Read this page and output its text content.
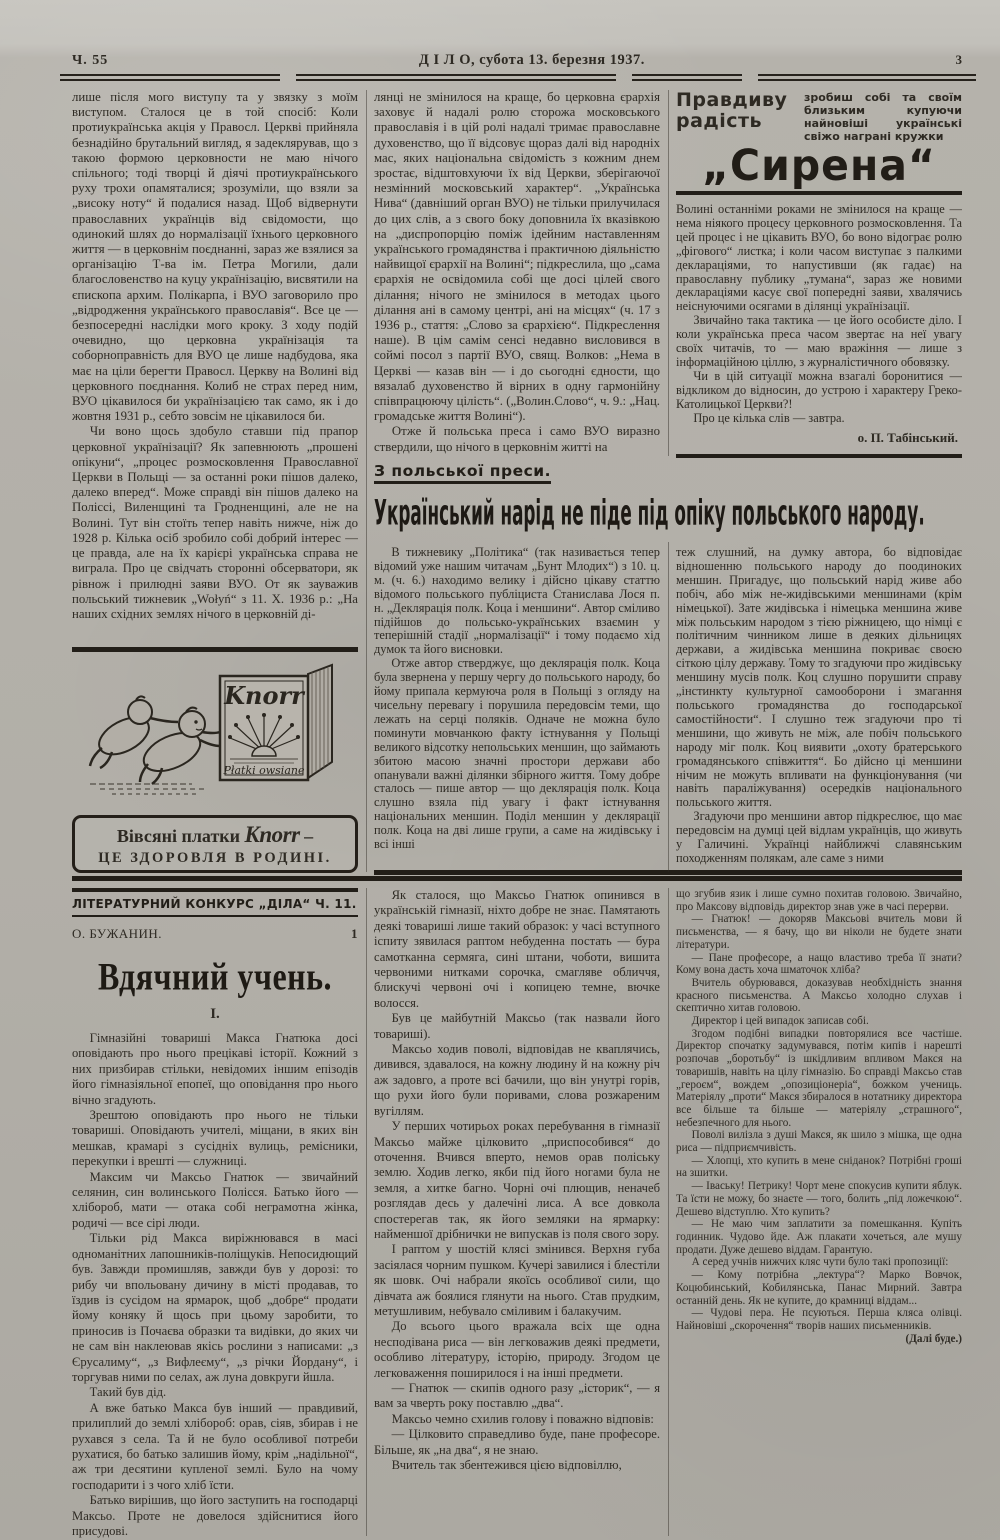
Ч. 55	Д І Л О, субота 13. березня 1937.	3

лише після мого виступу та у звязку з моїм виступом. Сталося це в той спосіб: Коли протиукраїнська акція у Правосл. Церкві прийняла безнадійно брутальний вигляд, я задеклярував, що з такою формою церковности не маю нічого спільного; тоді творці й діячі протиукраїнського руху трохи опамяталися; зрозуміли, що взяли за „високу ноту“ й подалися назад. Щоб відвернути православних українців від свідомости, що одинокий шлях до нормалізації їхнього церковного життя — в церковнім поєднанні, зараз же взялися за організацію Т-ва ім. Петра Могили, дали благословенство на куцу українізацію, висвятили на єпископа архим. Полікарпа, і ВУО заговорило про „відродження українського православія“. Все це — безпосередні наслідки мого кроку. З ходу подій очевидно, що церковна українізація та соборноправність для ВУО це лише надбудова, яка має на ціли берегти Правосл. Церкву на Волині від церковного поєднання. Колиб не страх перед ним, ВУО цікавилося би українізацією так само, як і до жовтня 1931 р., себто зовсім не цікавилося би.

Чи воно щось здобуло ставши під прапор церковної українізації? Як запевнюють „прошені опікуни“, „процес розмосковлення Православної Церкви в Польщі — за останні роки пішов далеко, далеко вперед“. Може справді він пішов далеко на Поліссі, Виленщині та Гродненщині, але не на Волині. Тут він стоїть тепер навіть нижче, ніж до 1928 р. Кілька осіб зробило собі добрий інтерес — це правда, але на їх карієрі українська справа не виграла. Про це свідчать сторонні обсерватори, як рівнож і прилюдні заяви ВУО. От як зауважив польський тижневик „Wołyń“ з 11. X. 1936 р.: „На наших східних землях нічого в церковній ді-

Knorr
Płatki owsiane
Вівсяні платки Knorr –
ЦЕ ЗДОРОВЛЯ В РОДИНІ.

лянці не змінилося на краще, бо церковна єрархія заховує й надалі ролю сторожа московського православія і в цій ролі надалі тримає православне духовенство, що її відсовує щораз далі від народніх мас, яких національна свідомість з кожним днем зростає, відштовхуючи їх від Церкви, зберігаючої незмінний московський характер“. „Українська Нива“ (давніший орган ВУО) не тільки прилучилася до цих слів, а з свого боку доповнила їх вказівкою на „диспропорцію поміж ідейним наставленням українського громадянства і практичною діяльністю найвищої єрархії на Волині“; підкреслила, що „сама єрархія не освідомила собі ще досі цілей свого ділання; нічого не змінилося в методах цього ділання ані в самому центрі, ані на місцях“ (ч. 17 з 1936 р., стаття: „Слово за єрархією“. Підкреслення наше). В цім самім сенсі недавно висловився в соймі посол з партії ВУО, свящ. Волков: „Нема в Церкві — казав він — і до сьогодні єдности, що вязалаб духовенство й вірних в одну гармонійну співпрацюючу цілість“. („Волин.Слово“, ч. 9.: „Нац. громадське життя Волині“).

Отже й польська преса і само ВУО виразно ствердили, що нічого в церковнім житті на

Правдиву радість
зробиш собі та своїм близьким купуючи найновіші українські свіжо награні кружки
„Сирена“

Волині останніми роками не змінилося на краще — нема ніякого процесу церковного розмосковлення. Та цей процес і не цікавить ВУО, бо воно відограє ролю „фігового“ листка; і коли часом виступає з палкими деклараціями, то напустивши (як гадає) на православну публику „тумана“, зараз же новими деклараціями касує свої попередні заяви, хвалячись неіснуючими осягами в ділянці українізації.

Звичайно така тактика — це його особисте діло. І коли українська преса часом звертає на неї увагу своїх читачів, то — маю вражіння — лише з інформаційною ціллю, з журналістичного обовязку.

Чи в цій ситуації можна взагалі боронитися — відкликом до відносин, до устрою і характеру Греко-Католицької Церкви?!

Про це кілька слів — завтра.

о. П. Табінський.

З польської преси.
Український нарід не піде під опіку польського народу.

В тижневику „Політика“ (так називається тепер відомий уже нашим читачам „Бунт Млодих“) з 10. ц. м. (ч. 6.) находимо велику і дійсно цікаву статтю відомого польського публіциста Станислава Лося п. н. „Деклярація полк. Коца і меншини“. Автор сміливо підійшов до польсько-українських взаємин у теперішній стадії „нормалізації“ і тому подаємо хід думок та його висновки.

Отже автор стверджує, що деклярація полк. Коца була звернена у першу чергу до польського народу, бо йому припала кермуюча роля в Польщі з огляду на чисельну перевагу і порушила передовсім теми, що лежать на серці поляків. Одначе не можна було поминути мовчанкою факту істнування у Польщі великого відсотку непольських меншин, що займають збитою масою значні простори держави або опанували важні ділянки збірного життя. Тому добре сталось — пише автор — що деклярація полк. Коца слушно взяла під увагу і факт істнування національних меншин. Поділ меншин у деклярації полк. Коца на дві лише групи, а саме на жидівську і всі інші

теж слушний, на думку автора, бо відповідає відношенню польського народу до поодиноких меншин. Пригадує, що польський нарід живе або побіч, або між не-жидівськими меншинами (крім німецької). Зате жидівська і німецька меншина живе між польським народом з тією ріжницею, що німці є політичним чинником лише в деяких дільницях держави, а жидівська меншина покриває своєю сіткою цілу державу. Тому то згадуючи про жидівську меншину мусів полк. Коц слушно порушити справу „інстинкту культурної самооборони і змагання польського громадянства до господарської самостійности“. І слушно теж згадуючи про ті меншини, що живуть не між, але побіч польського народу міг полк. Коц виявити „охоту братерського громадянського співжиття“. Бо дійсно ці меншини нічим не можуть впливати на функціонування (чи навіть параліжування) осередків національного польського життя.

Згадуючи про меншини автор підкреслює, що має передовсім на думці цей відлам українців, що живуть у Галичині. Українці найближчі славянським походженням полякам, але саме з ними

ЛІТЕРАТУРНИЙ КОНКУРС „ДІЛА“ Ч. 11.
О. БУЖАНИН.	1
Вдячний учень.
І.

Гімназійні товариші Макса Гнатюка досі оповідають про нього прецікаві історії. Кожний з них призбирав стільки, невідомих іншим епізодів його гімназіяльної епопеї, що оповідання про нього вічно згадують.

Зрештою оповідають про нього не тільки товариші. Оповідають учителі, міщани, в яких він мешкав, крамарі з сусідніх вулиць, ремісники, перекупки і врешті — служниці.

Максим чи Максьо Гнатюк — звичайний селянин, син волинського Полісся. Батько його — хлібороб, мати — отака собі неграмотна жінка, родичі — все сірі люди.

Тільки рід Макса виріжнювався в масі одноманітних лапошників-поліщуків. Непосидющий був. Завжди промишляв, завжди був у дорозі: то рибу чи впольовану дичину в місті продавав, то їздив із сусідом на ярмарок, щоб „добре“ продати йому коняку й щось при цьому заробити, то приносив із Почаєва образки та видівки, до яких чи не сам він наклеював якісь рослини з написами: „з Єрусалиму“, „з Вифлеєму“, „з річки Йордану“, і торгував ними по селах, аж луна довкруги йшла.

Такий був дід.

А вже батько Макса був інший — правдивий, прилиплий до землі хлібороб: орав, сіяв, збирав і не рухався з села. Та й не було особливої потреби рухатися, бо батько залишив йому, крім „надільної“, аж три десятини купленої землі. Було на чому господарити і з чого хліб їсти.

Батько вирішив, що його заступить на господарці Максьо. Проте не довелося здійснитися його присудові.

Як сталося, що Максьо Гнатюк опинився в українській гімназії, ніхто добре не знає. Памятають деякі товариші лише такий образок: у часі вступного іспиту зявилася раптом небуденна постать — бура самотканна сермяга, сині штани, чоботи, вишита червоними нитками сорочка, смагляве обличчя, блискучі червоні очі і копицею темне, вючке волосся.

Був це майбутній Максьо (так назвали його товариші).

Максьо ходив поволі, відповідав не кваплячись, дивився, здавалося, на кожну людину й на кожну річ аж задовго, а проте всі бачили, що він унутрі горів, що рухи його були поривами, слова розжареним вугіллям.

У перших чотирьох роках перебування в гімназії Максьо майже цілковито „приспособився“ до оточення. Вчився вперто, немов орав поліську землю. Ходив легко, якби під його ногами була не земля, а хитке багно. Чорні очі плющив, неначеб розглядав десь у далечіні лиса. А все довкола спостерегав так, як його земляки на ярмарку: найменшої дрібнички не випускав із поля свого зору.

І раптом у шостій клясі змінився. Верхня губа засіялася чорним пушком. Кучері завилися і блестіли як шовк. Очі набрали якоїсь особливої сили, що дівчата аж боялися глянути на нього. Став прудким, метушливим, небувало сміливим і балакучим.

До всього цього вражала всіх ще одна несподівана риса — він легковажив деякі предмети, особливо літературу, історію, природу. Згодом це легковаження поширилося і на інші предмети.

— Гнатюк — скипів одного разу „історик“, — я вам за чверть року поставлю „два“.

Максьо чемно схилив голову і поважно відповів:

— Цілковито справедливо буде, пане професоре. Більше, як „на два“, я не знаю.

Вчитель так збентежився цією відповіллю,

що згубив язик і лише сумно похитав головою. Звичайно, про Максову відповідь директор знав уже в часі перерви.

— Гнатюк! — докоряв Максьові вчитель мови й письменства, — я бачу, що ви ніколи не будете знати літератури.

— Пане професоре, а нащо властиво треба її знати? Кому вона дасть хоча шматочок хліба?

Вчитель обурювався, доказував необхідність знання красного письменства. А Максьо холодно слухав і скептично хитав головою.

Директор і цей випадок записав собі.

Згодом подібні випадки повторялися все частіше. Директор спочатку задумувався, потім кипів і нарешті розпочав „боротьбу“ із шкідливим впливом Макся на товаришів, навіть на цілу гімназію. Бо справді Максьо став „героєм“, вождем „опозиціонеріа“, божком учениць. Матеріялу „проти“ Макся збиралося в нотатнику директора все більше та більше — матеріялу „страшного“, небезпечного для нього.

Поволі вилізла з душі Макся, як шило з мішка, ще одна риса — підприємчивість.

— Хлопці, хто купить в мене сніданок? Потрібні гроші на зшитки.

— Іваську! Петрику! Чорт мене спокусив купити яблук. Та їсти не можу, бо знаєте — того, болить „під ложечкою“. Дешево відступлю. Хто купить?

— Не маю чим заплатити за помешкання. Купіть годинник. Чудово йде. Аж плакати хочеться, але мушу продати. Дуже дешево віддам. Гарантую.

А серед учнів нижчих кляс чути було такі пропозиції:

— Кому потрібна „лектура“? Марко Вовчок, Коцюбинський, Кобилянська, Панас Мирний. Завтра останній день. Як не купите, до крамниці віддам...

— Чудові пера. Не псуються. Перша кляса олівці. Найновіші „скорочення“ творів наших письменників.
(Далі буде.)
